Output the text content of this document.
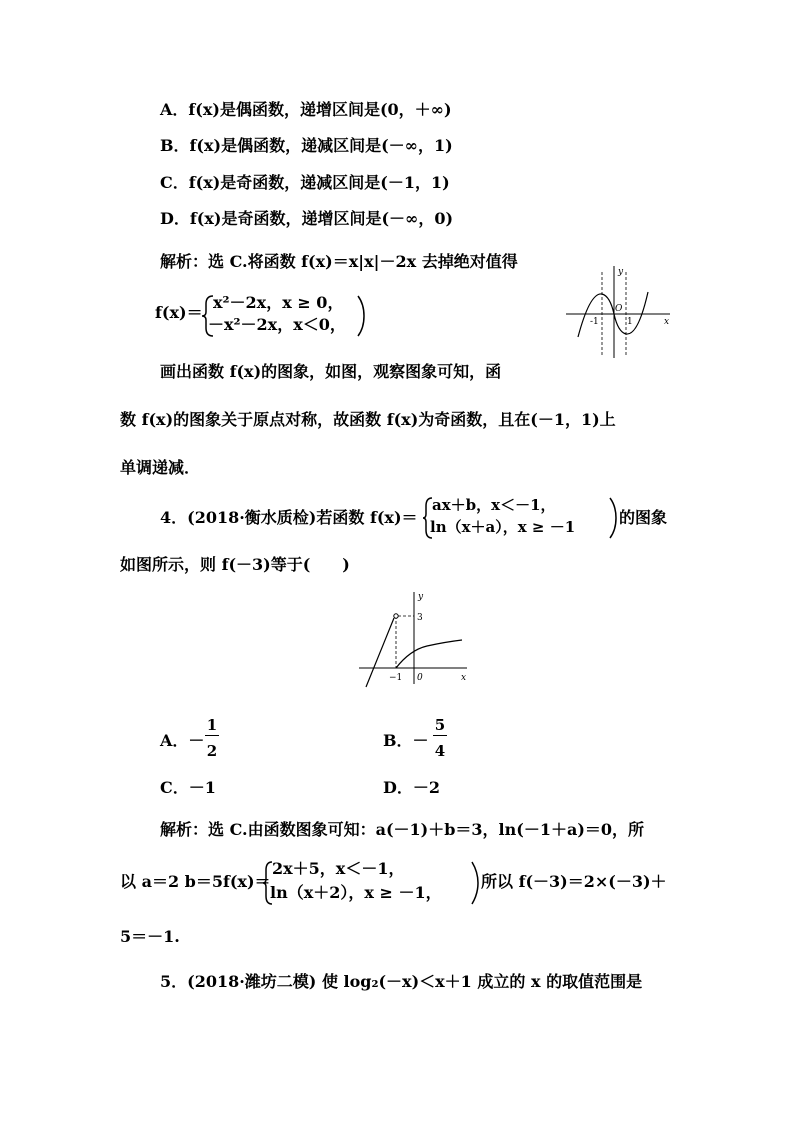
A．f(x)是偶函数，递增区间是(0，＋∞)
B．f(x)是偶函数，递减区间是(－∞，1)
C．f(x)是奇函数，递减区间是(－1，1)
D．f(x)是奇函数，递增区间是(－∞，0)
解析：选 C.将函数 f(x)＝x|x|－2x 去掉绝对值得
f(x)＝
x²－2x，x ≥ 0，
－x²－2x，x＜0，
y
x
O
-1	1
画出函数 f(x)的图象，如图，观察图象可知，函
数 f(x)的图象关于原点对称，故函数 f(x)为奇函数，且在(－1，1)上
单调递减．
4．(2018·衡水质检)若函数 f(x)＝
ax＋b，x＜－1，
ln（x＋a），x ≥ －1	的图象
如图所示，则 f(－3)等于(　　)
y
x
0
−1
3
A．－
1
2
B．－
5
4
C．－1	D．－2
解析：选 C.由函数图象可知：a(－1)＋b＝3，ln(－1＋a)＝0，所
以 a＝2 b＝5f(x)＝
2x＋5，x＜－1，
ln（x＋2），x ≥ －1，
所以 f(－3)＝2×(－3)＋
5＝－1.
5．(2018·潍坊二模) 使 log₂(－x)＜x＋1 成立的 x 的取值范围是
